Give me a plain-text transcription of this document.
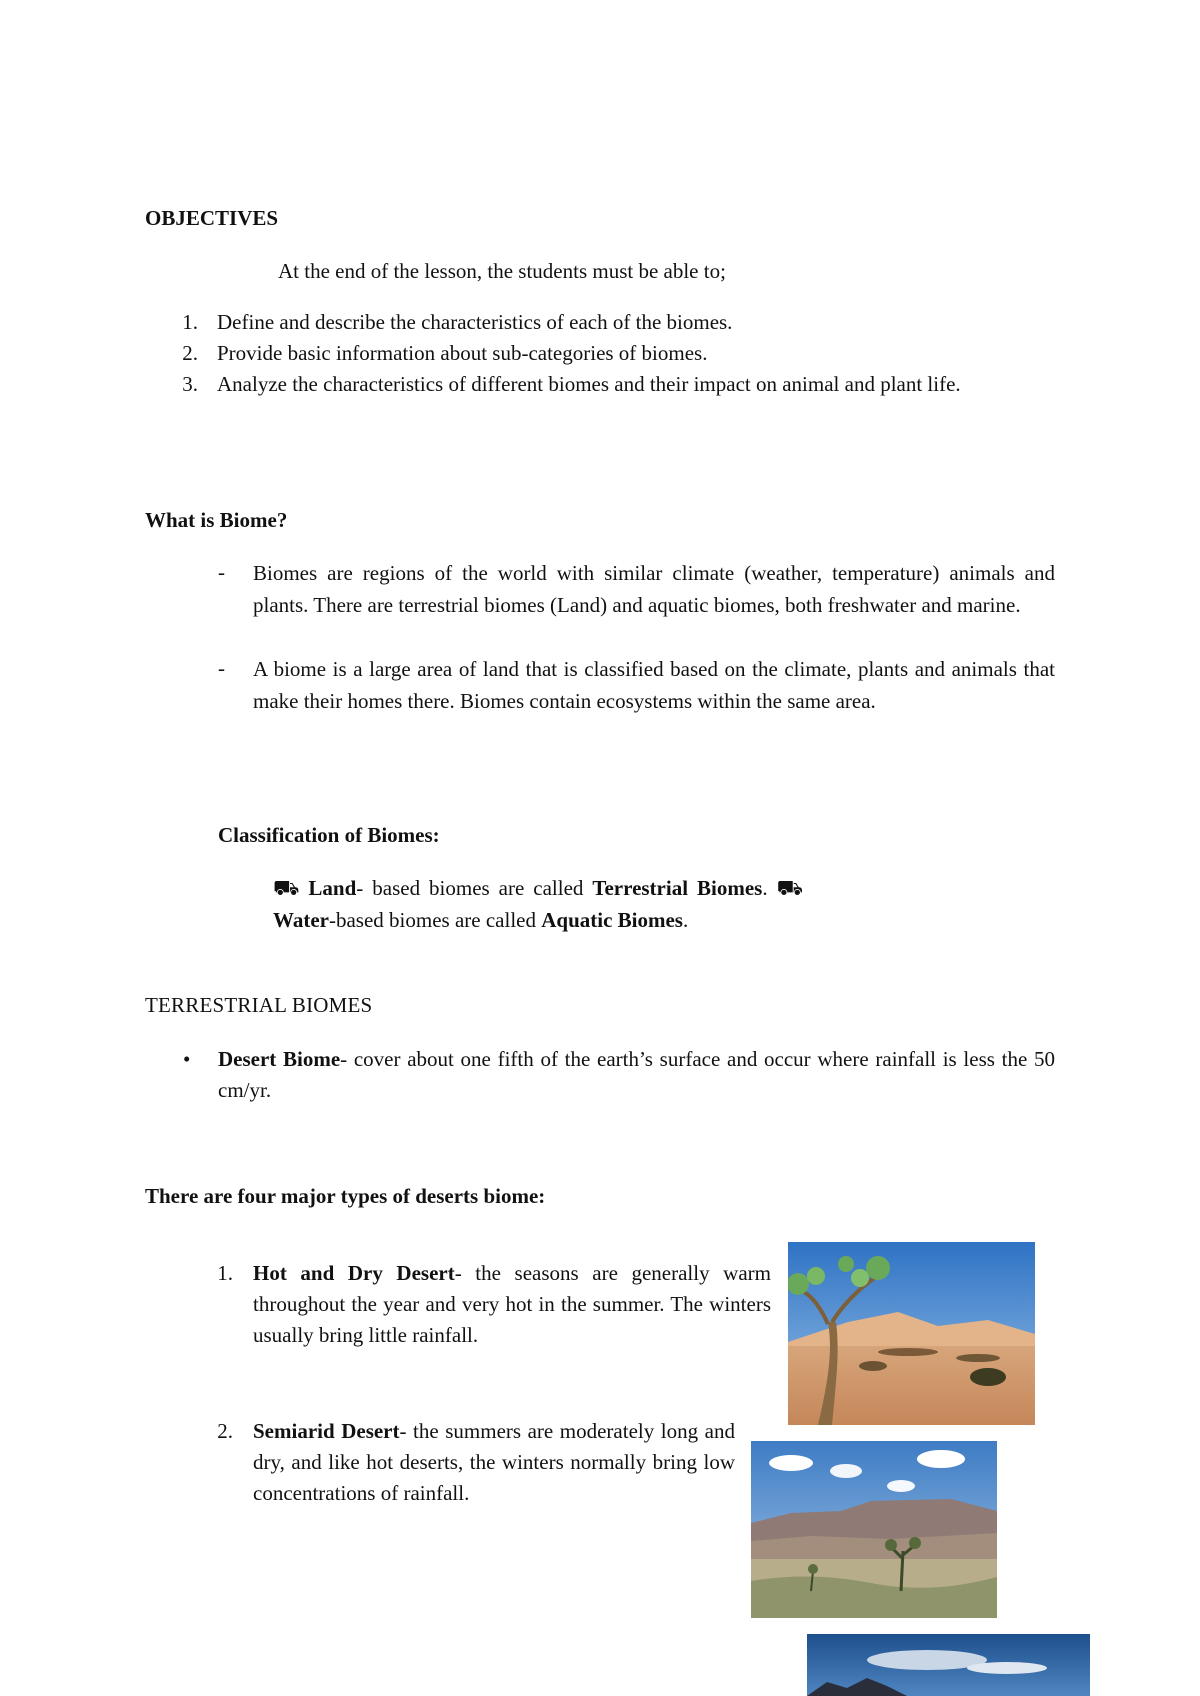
OBJECTIVES
At the end of the lesson, the students must be able to;
1. Define and describe the characteristics of each of the biomes.
2. Provide basic information about sub-categories of biomes.
3. Analyze the characteristics of different biomes and their impact on animal and plant life.
What is Biome?
- Biomes are regions of the world with similar climate (weather, temperature) animals and plants. There are terrestrial biomes (Land) and aquatic biomes, both freshwater and marine.
- A biome is a large area of land that is classified based on the climate, plants and animals that make their homes there. Biomes contain ecosystems within the same area.
Classification of Biomes:
⛟ Land- based biomes are called Terrestrial Biomes. ⛟ Water-based biomes are called Aquatic Biomes.
TERRESTRIAL BIOMES
• Desert Biome- cover about one fifth of the earth’s surface and occur where rainfall is less the 50 cm/yr.
There are four major types of deserts biome:
1. Hot and Dry Desert- the seasons are generally warm throughout the year and very hot in the summer. The winters usually bring little rainfall.
2. Semiarid Desert- the summers are moderately long and dry, and like hot deserts, the winters normally bring low concentrations of rainfall.
